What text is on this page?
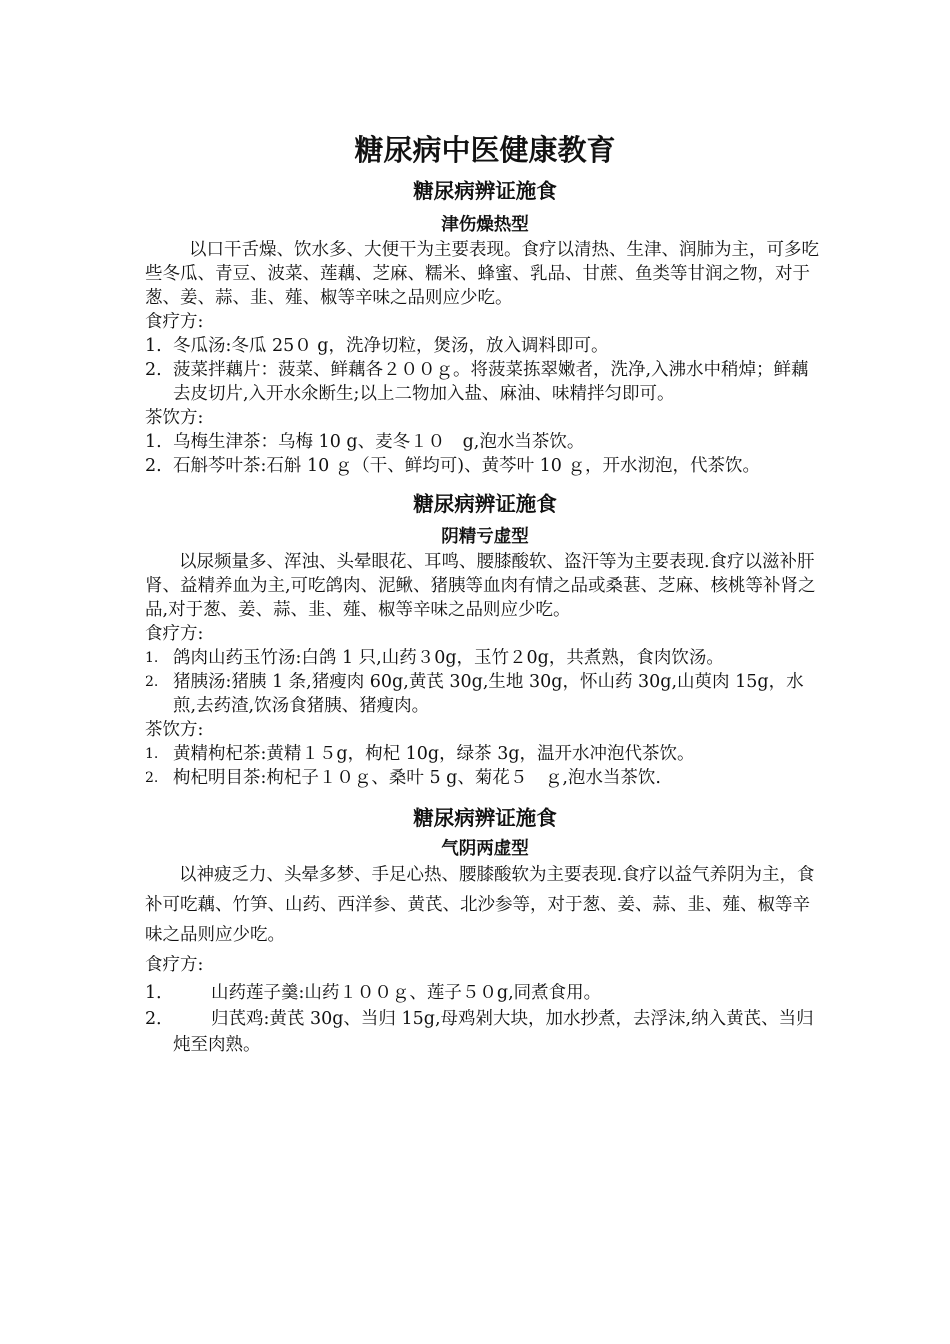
糖尿病中医健康教育
糖尿病辨证施食
津伤燥热型

以口干舌燥、饮水多、大便干为主要表现。食疗以清热、生津、润肺为主，可多吃些冬瓜、青豆、波菜、莲藕、芝麻、糯米、蜂蜜、乳品、甘蔗、鱼类等甘润之物，对于葱、姜、蒜、韭、薤、椒等辛味之品则应少吃。

食疗方:

1. 冬瓜汤:冬瓜 25０ g，洗净切粒，煲汤，放入调料即可。
2. 菠菜拌藕片：菠菜、鲜藕各２００ｇ。将菠菜拣翠嫩者，洗净,入沸水中稍焯；鲜藕去皮切片,入开水氽断生;以上二物加入盐、麻油、味精拌匀即可。

茶饮方:

1. 乌梅生津茶：乌梅 10 g、麦冬１０　g,泡水当茶饮。
2. 石斛芩叶茶:石斛 10 ｇ（干、鲜均可)、黄芩叶 10 ｇ，开水沏泡，代茶饮。
糖尿病辨证施食
阴精亏虚型

以尿频量多、浑浊、头晕眼花、耳鸣、腰膝酸软、盗汗等为主要表现.食疗以滋补肝肾、益精养血为主,可吃鸽肉、泥鳅、猪胰等血肉有情之品或桑葚、芝麻、核桃等补肾之品,对于葱、姜、蒜、韭、薤、椒等辛味之品则应少吃。

食疗方:

1. 鸽肉山药玉竹汤:白鸽 1 只,山药３0g，玉竹２0g，共煮熟，食肉饮汤。
2. 猪胰汤:猪胰 1 条,猪瘦肉 60g,黄芪 30g,生地 30g，怀山药 30g,山萸肉 15g，水煎,去药渣,饮汤食猪胰、猪瘦肉。

茶饮方:

1. 黄精枸杞茶:黄精１５g，枸杞 10g，绿茶 3g，温开水冲泡代茶饮。
2. 枸杞明目茶:枸杞子１０ｇ、桑叶 5 g、菊花５　ｇ,泡水当茶饮.
糖尿病辨证施食
气阴两虚型

以神疲乏力、头晕多梦、手足心热、腰膝酸软为主要表现.食疗以益气养阴为主，食补可吃藕、竹笋、山药、西洋参、黄芪、北沙参等，对于葱、姜、蒜、韭、薤、椒等辛味之品则应少吃。

食疗方:

1． 山药莲子羹:山药１００ｇ、莲子５０g,同煮食用。
2．	归芪鸡:黄芪 30g、当归 15g,母鸡剁大块，加水抄煮，去浮沫,纳入黄芪、当归炖至肉熟。
